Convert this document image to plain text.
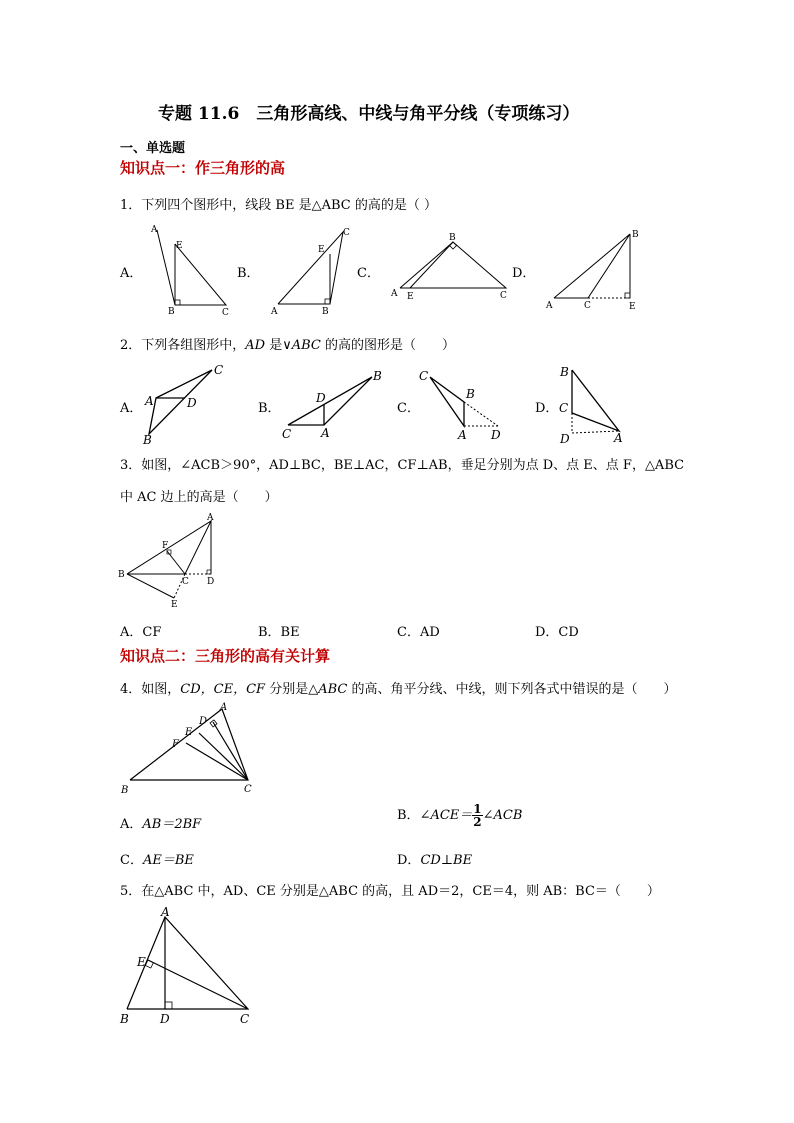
专题 11.6　三角形高线、中线与角平分线（专项练习）
一、单选题
知识点一：作三角形的高
1．下列四个图形中，线段 BE 是△ABC 的高的是（ ）
A．	B．	C．	D．
A
E
B	C	A	B
E
C	B
A E	C
B
A	C	E
2．下列各组图形中，AD 是∨ABC 的高的图形是（　　）
A．	B．	C．	D．
C
A	D
B
D
B
C A
C
B
A D
B
C
D	A
3．如图，∠ACB＞90°，AD⊥BC，BE⊥AC，CF⊥AB，垂足分别为点 D、点 E、点 F，△ABC
中 AC 边上的高是（　　）
A
F
B
C D
E
A．CF	B．BE	C．AD	D．CD
知识点二：三角形的高有关计算
4．如图，CD，CE，CF 分别是△ABC 的高、角平分线、中线，则下列各式中错误的是（　　）
A
D
E
F
B	C
A．AB＝2BF
B．∠ACE＝ $\frac{1}{2}$ ∠ACB
C．AE＝BE	D．CD⊥BE
5．在△ABC 中，AD、CE 分别是△ABC 的高，且 AD＝2，CE＝4，则 AB：BC＝（　　）
A
E
B	D	C
